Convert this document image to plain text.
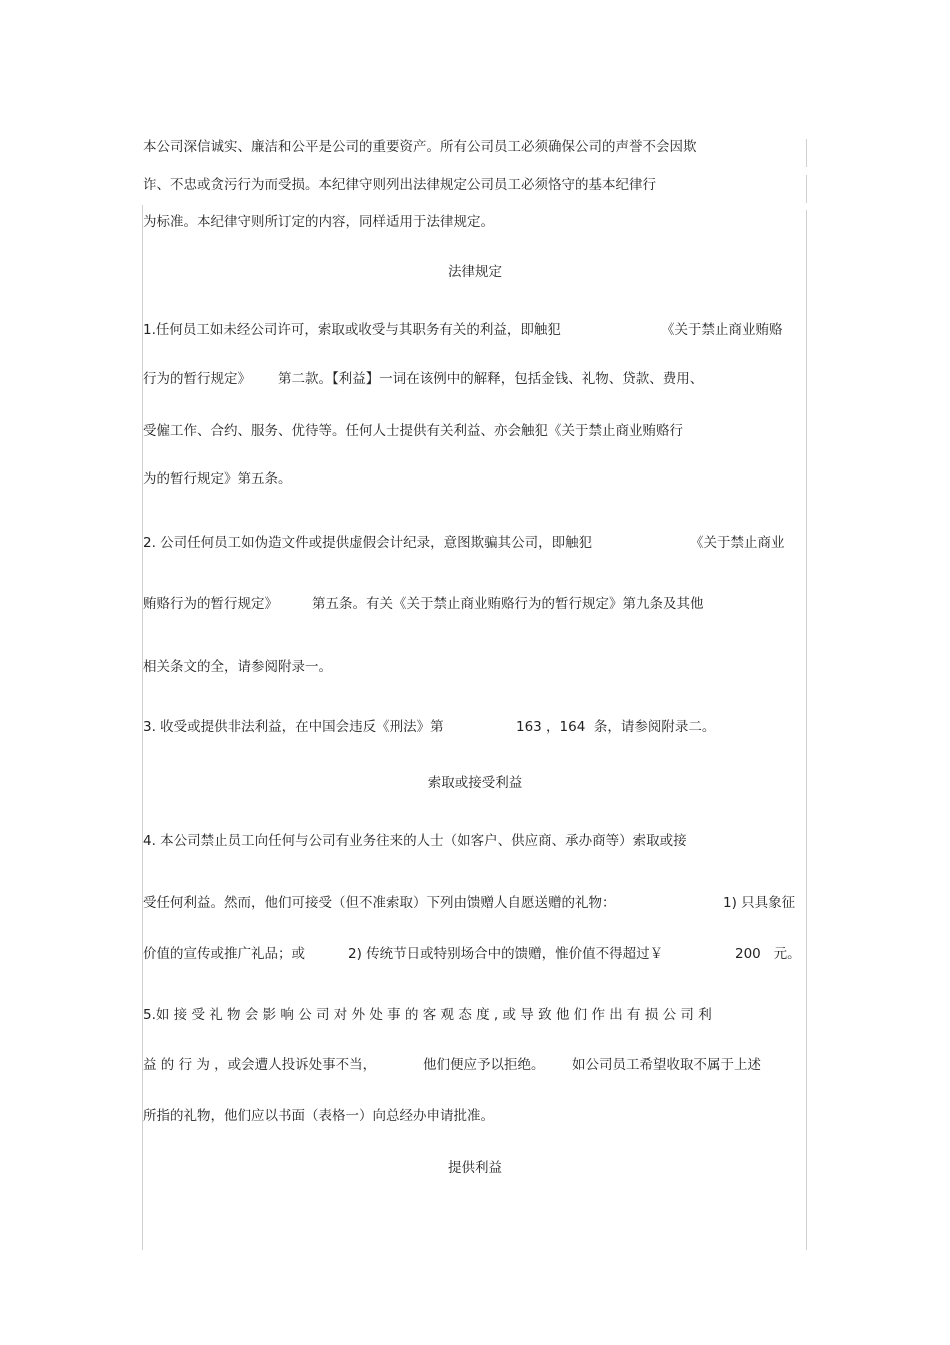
本公司深信诚实、廉洁和公平是公司的重要资产。所有公司员工必须确保公司的声誉不会因欺
诈、不忠或贪污行为而受损。本纪律守则列出法律规定公司员工必须恪守的基本纪律行
为标准。本纪律守则所订定的内容，同样适用于法律规定。
法律规定
1.任何员工如未经公司许可，索取或收受与其职务有关的利益，即触犯	《关于禁止商业贿赂
行为的暂行规定》 第二款。【利益】一词在该例中的解释，包括金钱、礼物、贷款、费用、
受僱工作、合约、服务、优待等。任何人士提供有关利益、亦会触犯《关于禁止商业贿赂行
为的暂行规定》第五条。
2. 公司任何员工如伪造文件或提供虚假会计纪录，意图欺骗其公司，即触犯	《关于禁止商业
贿赂行为的暂行规定》	第五条。有关《关于禁止商业贿赂行为的暂行规定》第九条及其他
相关条文的全，请参阅附录一。
3. 收受或提供非法利益，在中国会违反《刑法》第	163 ，164  条，请参阅附录二。
索取或接受利益
4. 本公司禁止员工向任何与公司有业务往来的人士（如客户、供应商、承办商等）索取或接
受任何利益。然而，他们可接受（但不准索取）下列由馈赠人自愿送赠的礼物：	1) 只具象征
价值的宣传或推广礼品；或	2) 传统节日或特别场合中的馈赠，惟价值不得超过￥	200   元。
5.如 接 受 礼 物 会 影 响 公 司 对 外 处 事 的 客 观 态 度 , 或 导 致 他 们 作 出 有 损 公 司 利
益 的 行 为 ，或会遭人投诉处事不当，	他们便应予以拒绝。 如公司员工希望收取不属于上述
所指的礼物，他们应以书面（表格一）向总经办申请批准。
提供利益
